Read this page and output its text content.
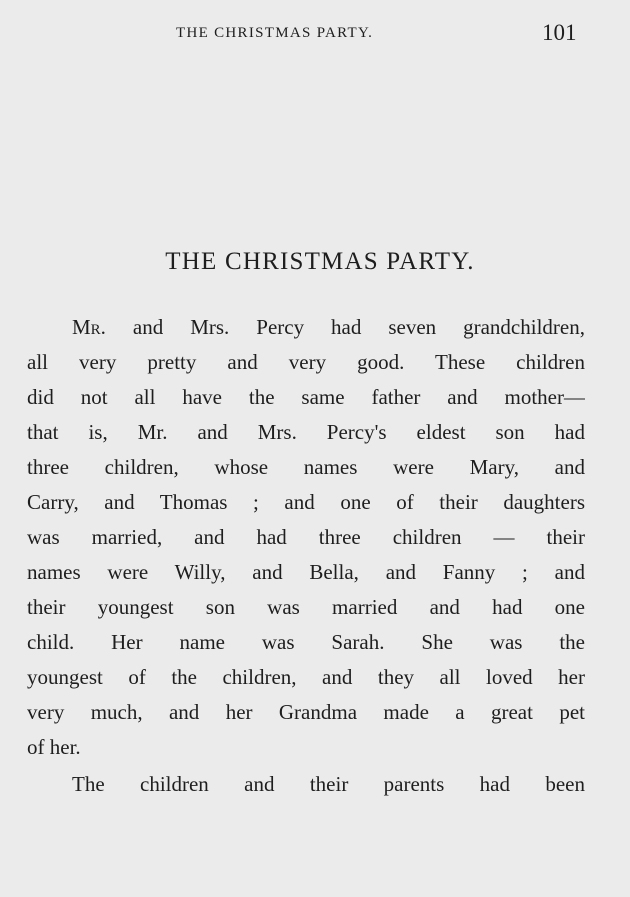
THE CHRISTMAS PARTY.	101
THE CHRISTMAS PARTY.
Mr. and Mrs. Percy had seven grandchildren,
all very pretty and very good. These children
did not all have the same father and mother—
that is, Mr. and Mrs. Percy's eldest son had
three children, whose names were Mary, and
Carry, and Thomas ; and one of their daughters
was married, and had three children — their
names were Willy, and Bella, and Fanny ; and
their youngest son was married and had one
child. Her name was Sarah. She was the
youngest of the children, and they all loved her
very much, and her Grandma made a great pet
of her.
The children and their parents had been
